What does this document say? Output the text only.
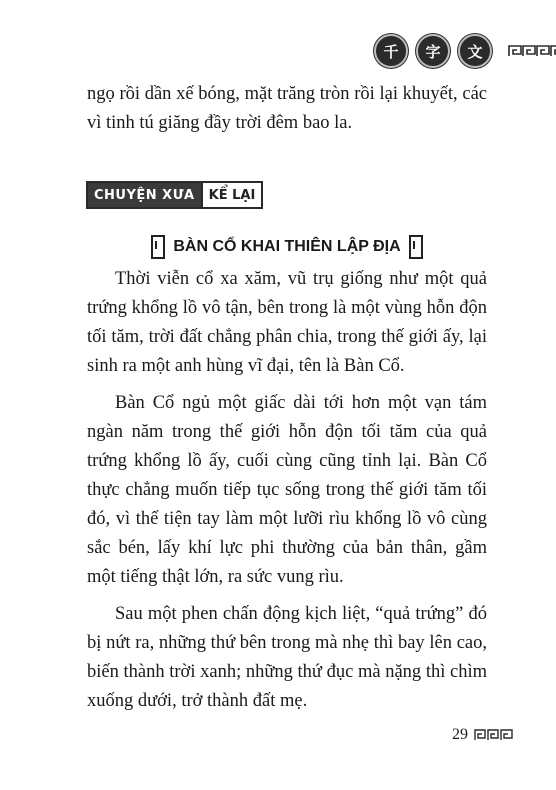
千	字	文

ngọ rồi dần xế bóng, mặt trăng tròn rồi lại khuyết, các vì tinh tú giăng đầy trời đêm bao la.

CHUYỆN XƯA	KỂ LẠI
BÀN CỔ KHAI THIÊN LẬP ĐỊA

Thời viễn cổ xa xăm, vũ trụ giống như một quả trứng khổng lồ vô tận, bên trong là một vùng hỗn độn tối tăm, trời đất chẳng phân chia, trong thế giới ấy, lại sinh ra một anh hùng vĩ đại, tên là Bàn Cổ.

Bàn Cổ ngủ một giấc dài tới hơn một vạn tám ngàn năm trong thế giới hỗn độn tối tăm của quả trứng khổng lồ ấy, cuối cùng cũng tỉnh lại. Bàn Cổ thực chẳng muốn tiếp tục sống trong thế giới tăm tối đó, vì thế tiện tay làm một lưỡi rìu khổng lồ vô cùng sắc bén, lấy khí lực phi thường của bản thân, gầm một tiếng thật lớn, ra sức vung rìu.

Sau một phen chấn động kịch liệt, “quả trứng” đó bị nứt ra, những thứ bên trong mà nhẹ thì bay lên cao, biến thành trời xanh; những thứ đục mà nặng thì chìm xuống dưới, trở thành đất mẹ.

29
